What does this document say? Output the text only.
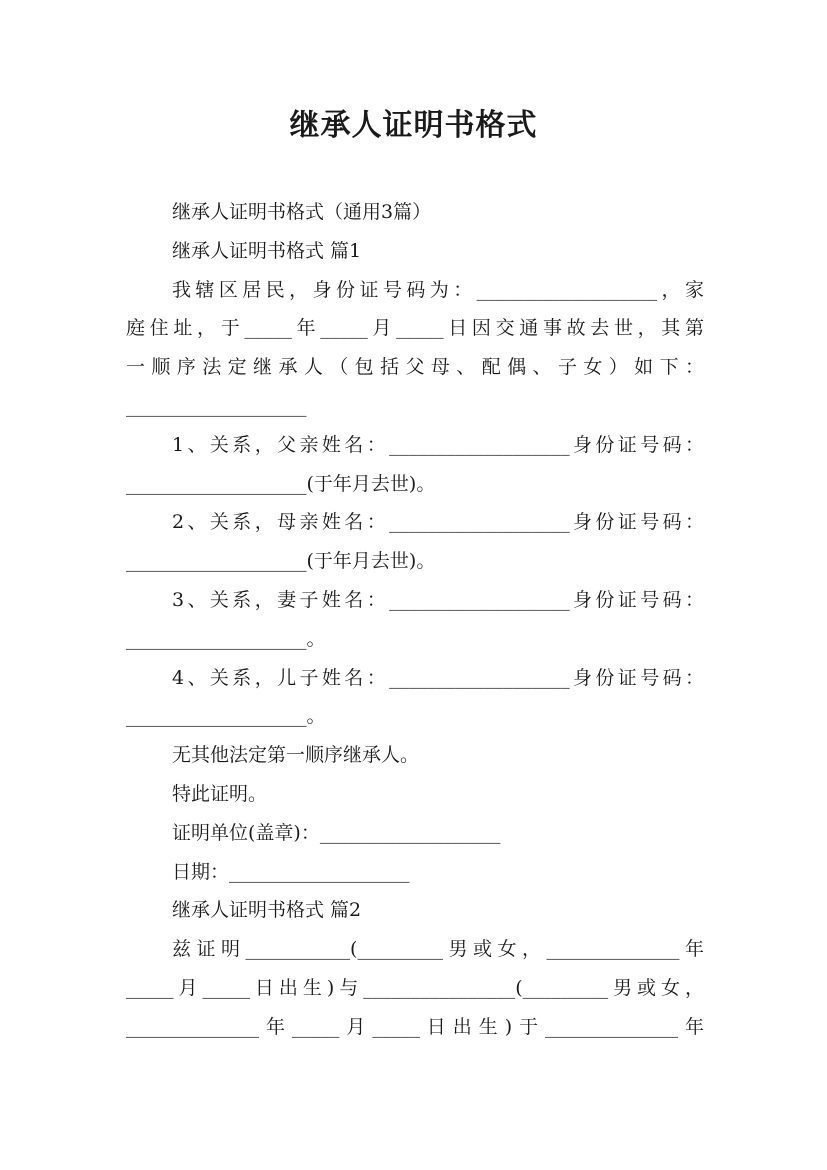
继承人证明书格式

继承人证明书格式（通用3篇）

继承人证明书格式 篇1

我辖区居民，身份证号码为：___________________，家

庭住址，于_____年_____月_____日因交通事故去世，其第

一顺序法定继承人（包括父母、配偶、子女）如下：

___________________

1、关系，父亲姓名：___________________身份证号码：

___________________(于年月去世)。

2、关系，母亲姓名：___________________身份证号码：

___________________(于年月去世)。

3、关系，妻子姓名：___________________身份证号码：

___________________。

4、关系，儿子姓名：___________________身份证号码：

___________________。

无其他法定第一顺序继承人。

特此证明。

证明单位(盖章)：___________________

日期：___________________

继承人证明书格式 篇2

兹证明___________(_________男或女，______________年

_____月_____日出生)与________________(_________男或女，

______________年_____月_____日出生)于______________年
